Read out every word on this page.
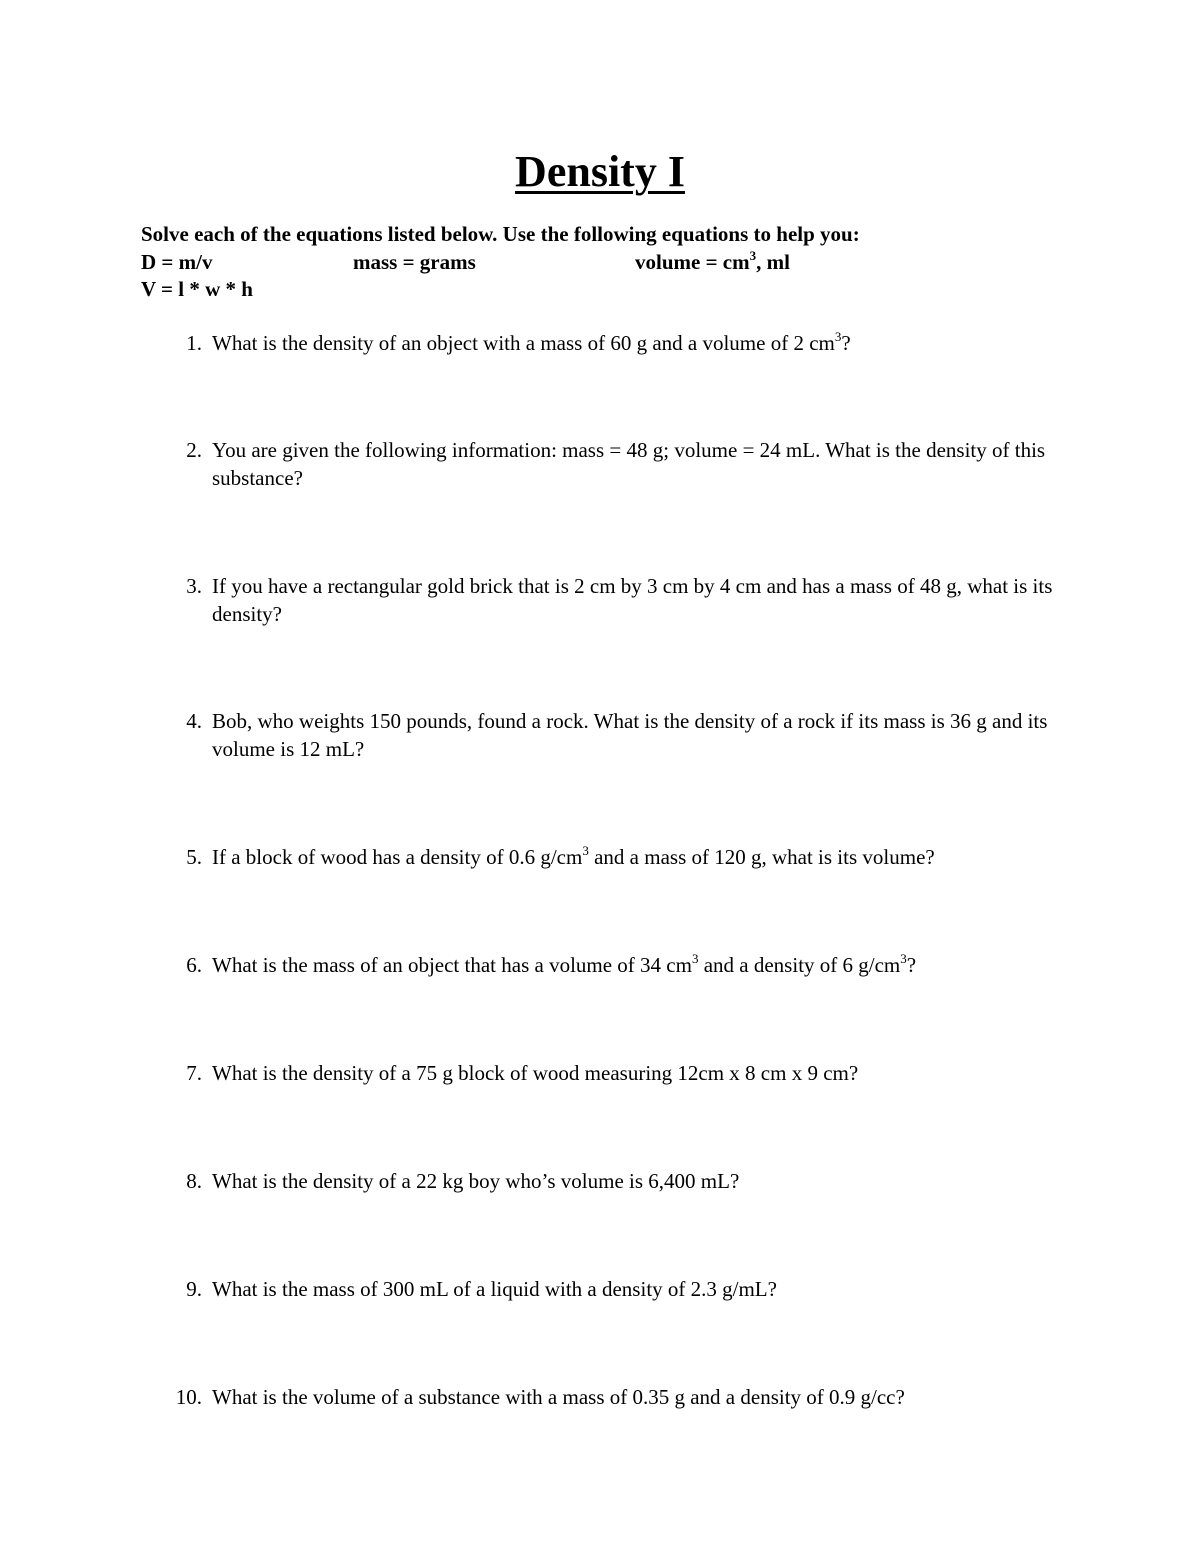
Density I
Solve each of the equations listed below. Use the following equations to help you:
D = m/v	mass = grams	volume = $cm^3$, ml
V = l * w * h
1. What is the density of an object with a mass of 60 g and a volume of 2 $cm^3$?
2. You are given the following information: mass = 48 g; volume = 24 mL. What is the density of this substance?
3. If you have a rectangular gold brick that is 2 cm by 3 cm by 4 cm and has a mass of 48 g, what is its density?
4. Bob, who weights 150 pounds, found a rock. What is the density of a rock if its mass is 36 g and its volume is 12 mL?
5. If a block of wood has a density of 0.6 $g/cm^3$ and a mass of 120 g, what is its volume?
6. What is the mass of an object that has a volume of 34 $cm^3$ and a density of 6 $g/cm^3$?
7. What is the density of a 75 g block of wood measuring 12cm x 8 cm x 9 cm?
8. What is the density of a 22 kg boy who’s volume is 6,400 mL?
9. What is the mass of 300 mL of a liquid with a density of 2.3 g/mL?
10. What is the volume of a substance with a mass of 0.35 g and a density of 0.9 g/cc?
